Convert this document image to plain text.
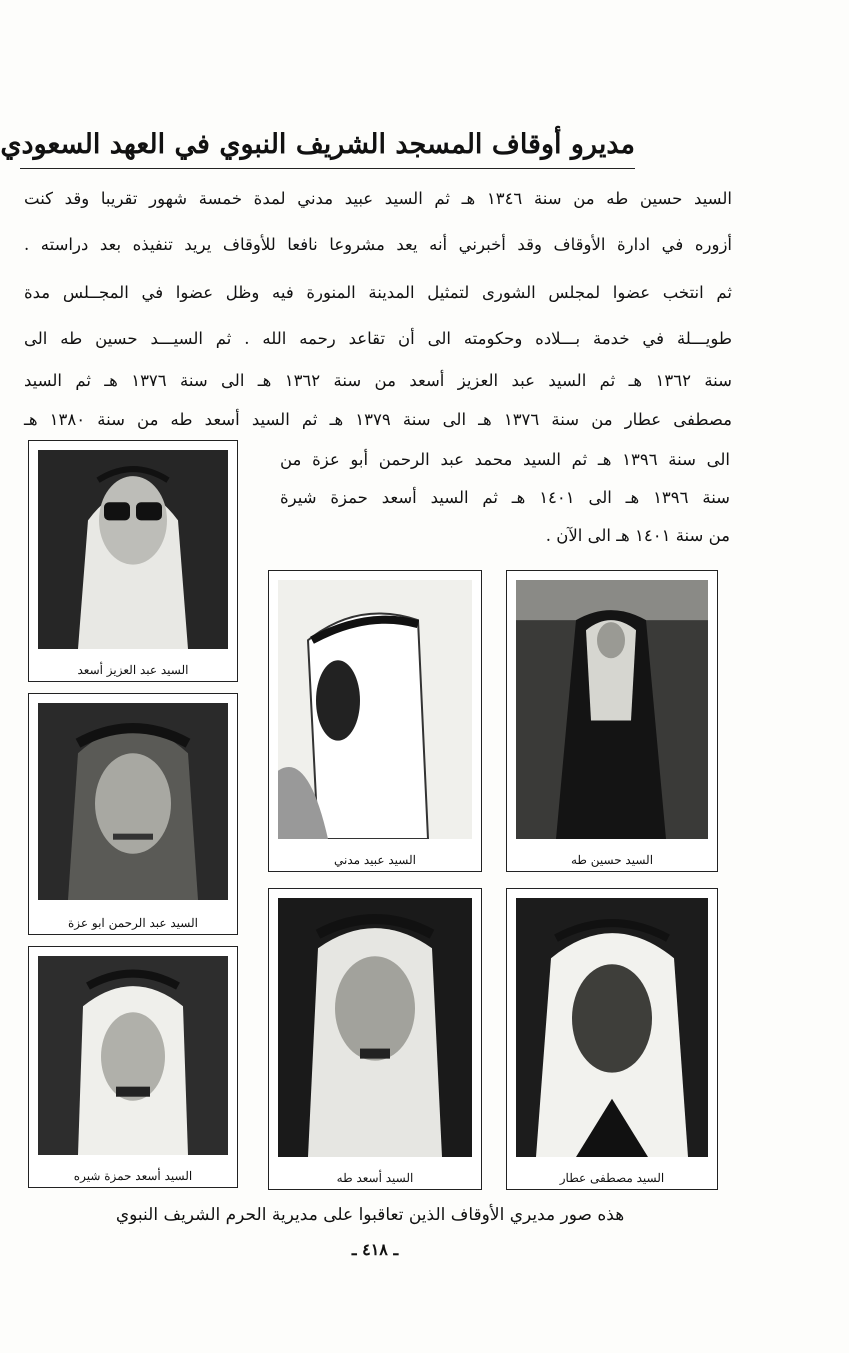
مديرو أوقاف المسجد الشريف النبوي في العهد السعودي
السيد حسين طه من سنة ١٣٤٦ هـ ثم السيد عبيد مدني لمدة خمسة شهور تقريبا وقد كنت
أزوره في ادارة الأوقاف وقد أخبرني أنه يعد مشروعا نافعا للأوقاف يريد تنفيذه بعد دراسته .
ثم انتخب عضوا لمجلس الشورى لتمثيل المدينة المنورة فيه وظل عضوا في المجــلس مدة
طويـــلة في خدمة بـــلاده وحكومته الى أن تقاعد رحمه الله . ثم السيـــد حسين طه الى
سنة ١٣٦٢ هـ ثم السيد عبد العزيز أسعد من سنة ١٣٦٢ هـ الى سنة ١٣٧٦ هـ ثم السيد
مصطفى عطار من سنة ١٣٧٦ هـ الى سنة ١٣٧٩ هـ ثم السيد أسعد طه من سنة ١٣٨٠ هـ
الى سنة ١٣٩٦ هـ ثم السيد محمد عبد الرحمن أبو عزة من
سنة ١٣٩٦ هـ الى ١٤٠١ هـ ثم السيد أسعد حمزة شيرة
من سنة ١٤٠١ هـ الى الآن .
السيد عبد العزيز أسعد
السيد عبيد مدني	السيد حسين طه
السيد عبد الرحمن ابو عزة
السيد أسعد حمزة شيره	السيد أسعد طه	السيد مصطفى عطار
هذه صور مديري الأوقاف الذين تعاقبوا على مديرية الحرم الشريف النبوي
ـ ٤١٨ ـ
